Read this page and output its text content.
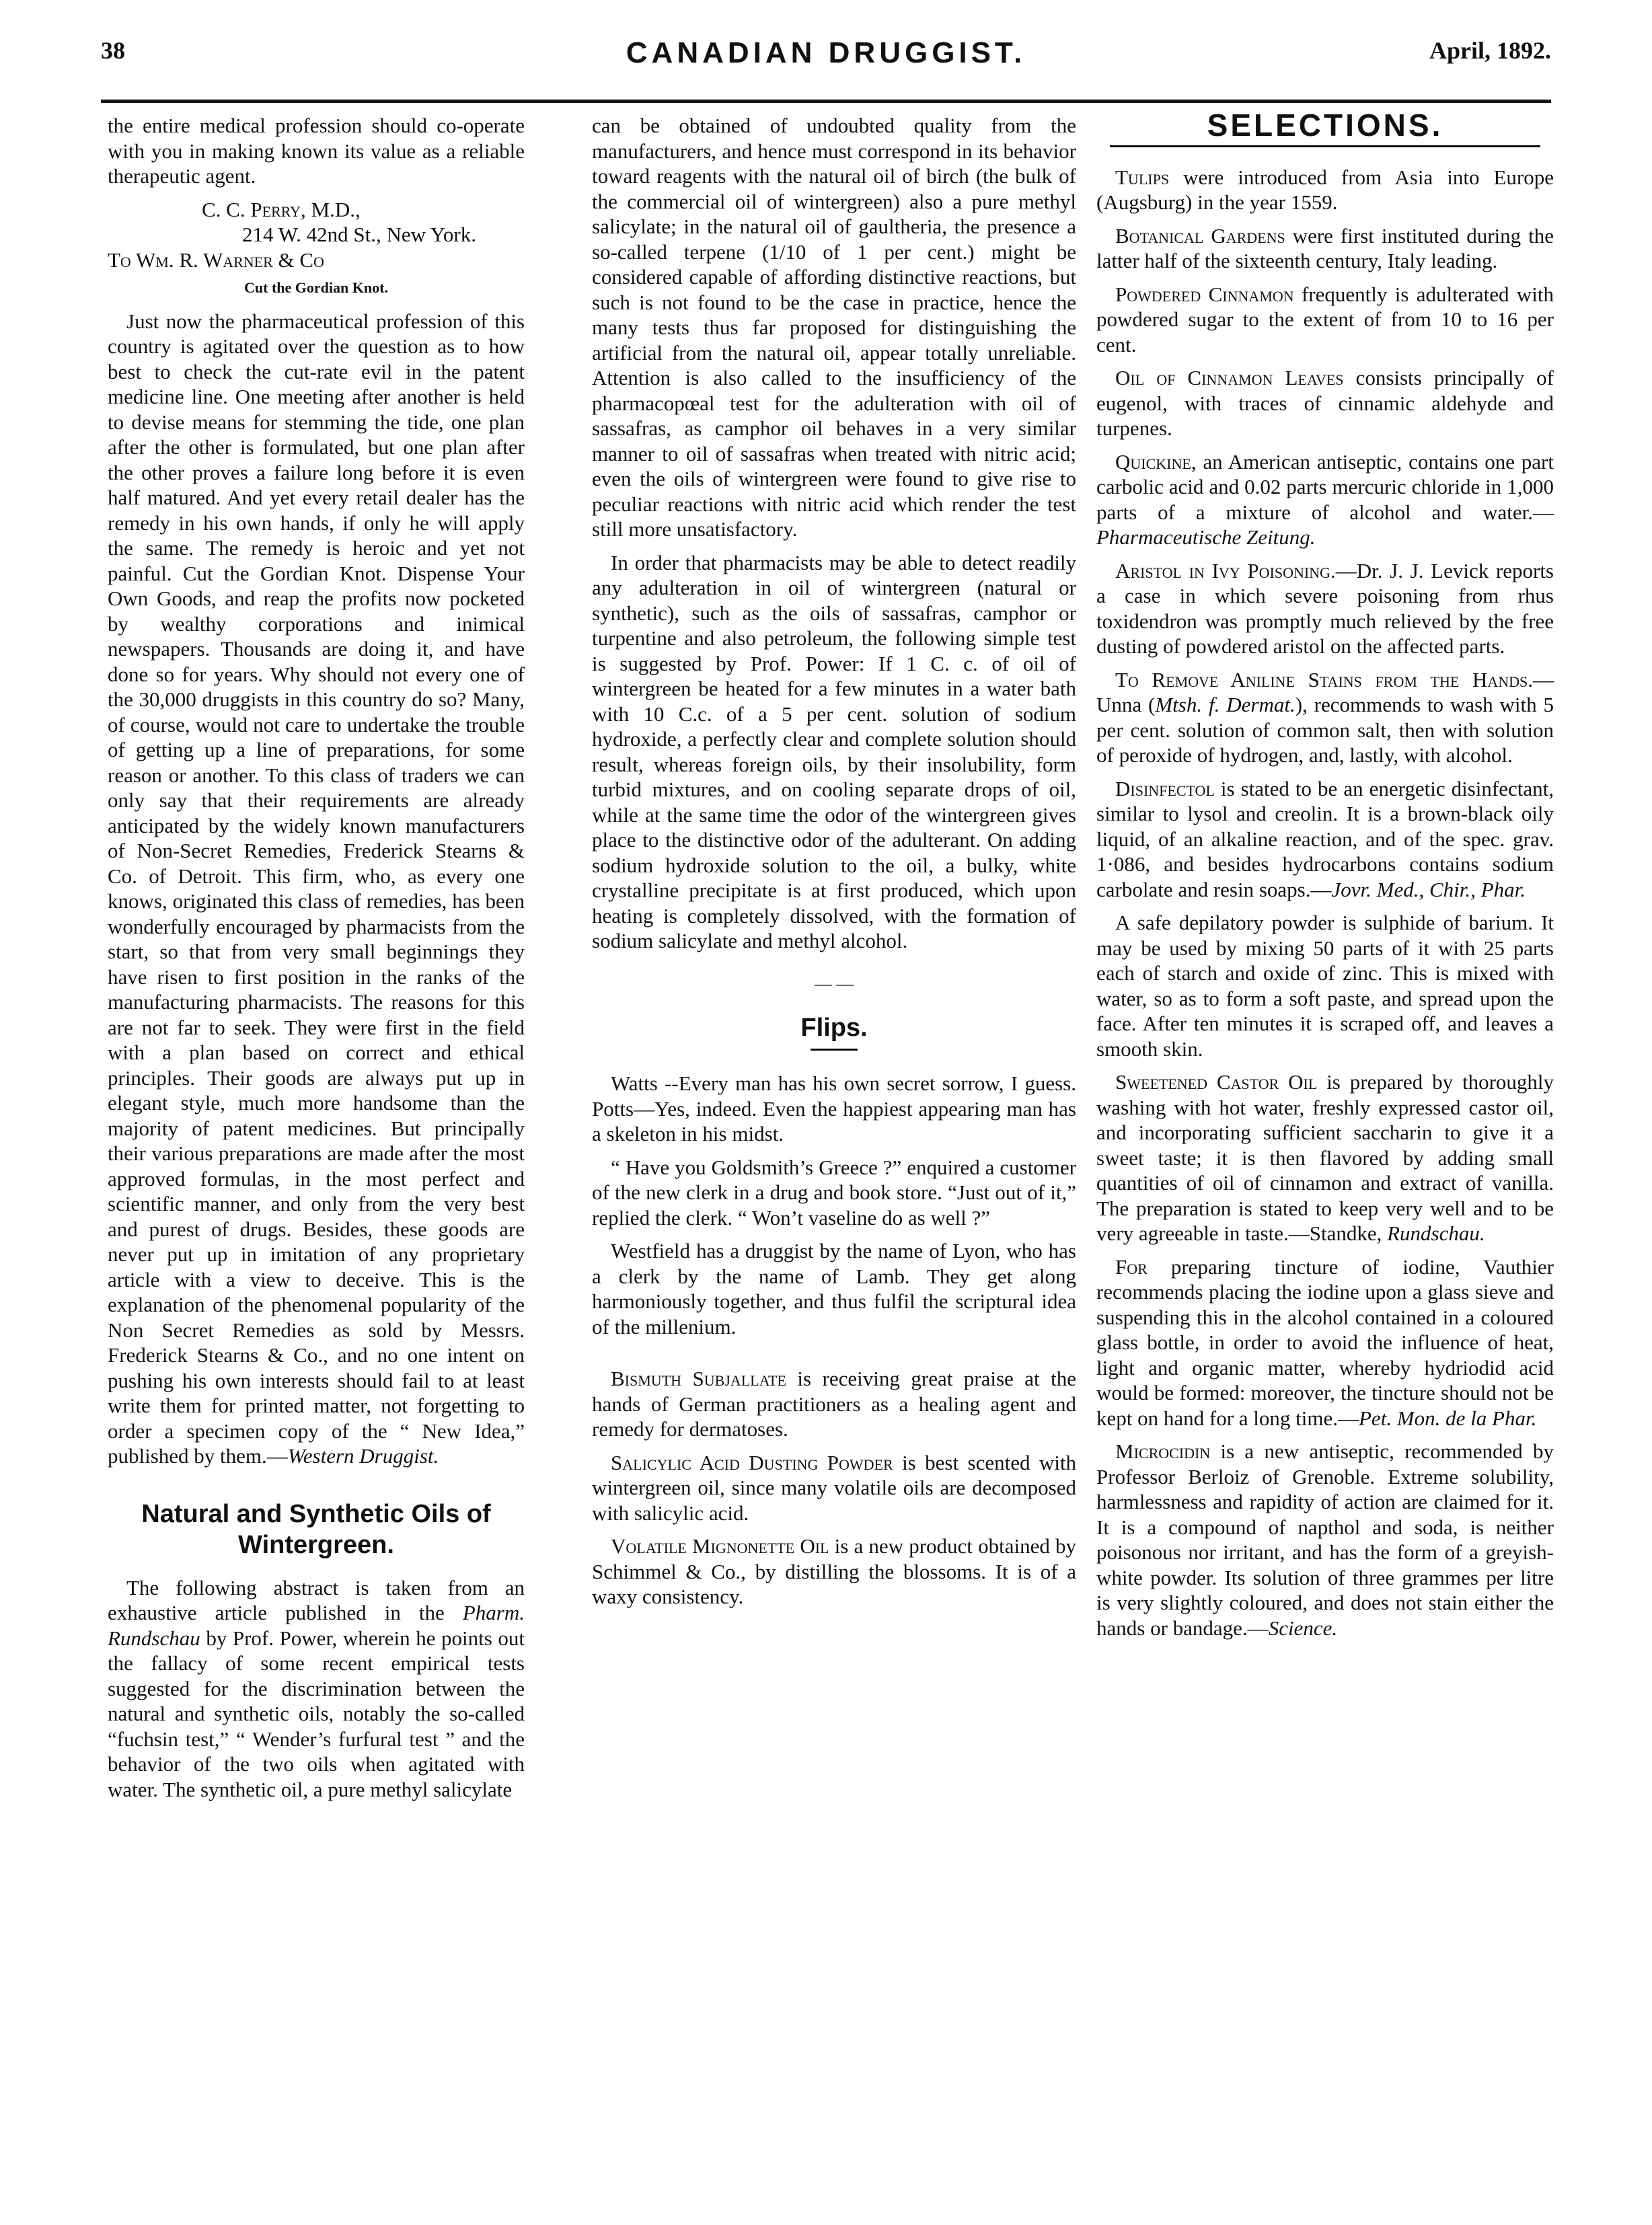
38	CANADIAN DRUGGIST.	April, 1892.

the entire medical profession should co-operate with you in making known its value as a reliable therapeutic agent.

C. C. Perry, M.D.,

214 W. 42nd St., New York.

To Wm. R. Warner & Co

Cut the Gordian Knot.

Just now the pharmaceutical profession of this country is agitated over the question as to how best to check the cut-rate evil in the patent medicine line. One meeting after another is held to devise means for stemming the tide, one plan after the other is formulated, but one plan after the other proves a failure long before it is even half matured. And yet every retail dealer has the remedy in his own hands, if only he will apply the same. The remedy is heroic and yet not painful. Cut the Gordian Knot. Dispense Your Own Goods, and reap the profits now pocketed by wealthy corporations and inimical newspapers. Thousands are doing it, and have done so for years. Why should not every one of the 30,000 druggists in this country do so? Many, of course, would not care to undertake the trouble of getting up a line of preparations, for some reason or another. To this class of traders we can only say that their requirements are already anticipated by the widely known manufacturers of Non-Secret Remedies, Frederick Stearns & Co. of Detroit. This firm, who, as every one knows, originated this class of remedies, has been wonderfully encouraged by pharmacists from the start, so that from very small beginnings they have risen to first position in the ranks of the manufacturing pharmacists. The reasons for this are not far to seek. They were first in the field with a plan based on correct and ethical principles. Their goods are always put up in elegant style, much more handsome than the majority of patent medicines. But principally their various preparations are made after the most approved formulas, in the most perfect and scientific manner, and only from the very best and purest of drugs. Besides, these goods are never put up in imitation of any proprietary article with a view to deceive. This is the explanation of the phenomenal popularity of the Non Secret Remedies as sold by Messrs. Frederick Stearns & Co., and no one intent on pushing his own interests should fail to at least write them for printed matter, not forgetting to order a specimen copy of the “ New Idea,” published by them.—Western Druggist.

Natural and Synthetic Oils of Wintergreen.

The following abstract is taken from an exhaustive article published in the Pharm. Rundschau by Prof. Power, wherein he points out the fallacy of some recent empirical tests suggested for the discrimination between the natural and synthetic oils, notably the so-called “fuchsin test,” “ Wender’s furfural test ” and the behavior of the two oils when agitated with water. The synthetic oil, a pure methyl salicylate

can be obtained of undoubted quality from the manufacturers, and hence must correspond in its behavior toward reagents with the natural oil of birch (the bulk of the commercial oil of wintergreen) also a pure methyl salicylate; in the natural oil of gaultheria, the presence a so-called terpene (1/10 of 1 per cent.) might be considered capable of affording distinctive reactions, but such is not found to be the case in practice, hence the many tests thus far proposed for distinguishing the artificial from the natural oil, appear totally unreliable. Attention is also called to the insufficiency of the pharmacopœal test for the adulteration with oil of sassafras, as camphor oil behaves in a very similar manner to oil of sassafras when treated with nitric acid; even the oils of wintergreen were found to give rise to peculiar reactions with nitric acid which render the test still more unsatisfactory.

In order that pharmacists may be able to detect readily any adulteration in oil of wintergreen (natural or synthetic), such as the oils of sassafras, camphor or turpentine and also petroleum, the following simple test is suggested by Prof. Power: If 1 C. c. of oil of wintergreen be heated for a few minutes in a water bath with 10 C.c. of a 5 per cent. solution of sodium hydroxide, a perfectly clear and complete solution should result, whereas foreign oils, by their insolubility, form turbid mixtures, and on cooling separate drops of oil, while at the same time the odor of the wintergreen gives place to the distinctive odor of the adulterant. On adding sodium hydroxide solution to the oil, a bulky, white crystalline precipitate is at first produced, which upon heating is completely dissolved, with the formation of sodium salicylate and methyl alcohol.

— —
Flips.

Watts --Every man has his own secret sorrow, I guess. Potts—Yes, indeed. Even the happiest appearing man has a skeleton in his midst.

“ Have you Goldsmith’s Greece ?” enquired a customer of the new clerk in a drug and book store. “Just out of it,” replied the clerk. “ Won’t vaseline do as well ?”

Westfield has a druggist by the name of Lyon, who has a clerk by the name of Lamb. They get along harmoniously together, and thus fulfil the scriptural idea of the millenium.

Bismuth Subjallate is receiving great praise at the hands of German practitioners as a healing agent and remedy for dermatoses.

Salicylic Acid Dusting Powder is best scented with wintergreen oil, since many volatile oils are decomposed with salicylic acid.

Volatile Mignonette Oil is a new product obtained by Schimmel & Co., by distilling the blossoms. It is of a waxy consistency.

SELECTIONS.

Tulips were introduced from Asia into Europe (Augsburg) in the year 1559.

Botanical Gardens were first instituted during the latter half of the sixteenth century, Italy leading.

Powdered Cinnamon frequently is adulterated with powdered sugar to the extent of from 10 to 16 per cent.

Oil of Cinnamon Leaves consists principally of eugenol, with traces of cinnamic aldehyde and turpenes.

Quickine, an American antiseptic, contains one part carbolic acid and 0.02 parts mercuric chloride in 1,000 parts of a mixture of alcohol and water.—Pharmaceutische Zeitung.

Aristol in Ivy Poisoning.—Dr. J. J. Levick reports a case in which severe poisoning from rhus toxidendron was promptly much relieved by the free dusting of powdered aristol on the affected parts.

To Remove Aniline Stains from the Hands.— Unna (Mtsh. f. Dermat.), recommends to wash with 5 per cent. solution of common salt, then with solution of peroxide of hydrogen, and, lastly, with alcohol.

Disinfectol is stated to be an energetic disinfectant, similar to lysol and creolin. It is a brown-black oily liquid, of an alkaline reaction, and of the spec. grav. 1·086, and besides hydrocarbons contains sodium carbolate and resin soaps.—Jovr. Med., Chir., Phar.

A safe depilatory powder is sulphide of barium. It may be used by mixing 50 parts of it with 25 parts each of starch and oxide of zinc. This is mixed with water, so as to form a soft paste, and spread upon the face. After ten minutes it is scraped off, and leaves a smooth skin.

Sweetened Castor Oil is prepared by thoroughly washing with hot water, freshly expressed castor oil, and incorporating sufficient saccharin to give it a sweet taste; it is then flavored by adding small quantities of oil of cinnamon and extract of vanilla. The preparation is stated to keep very well and to be very agreeable in taste.—Standke, Rundschau.

For preparing tincture of iodine, Vauthier recommends placing the iodine upon a glass sieve and suspending this in the alcohol contained in a coloured glass bottle, in order to avoid the influence of heat, light and organic matter, whereby hydriodid acid would be formed: moreover, the tincture should not be kept on hand for a long time.—Pet. Mon. de la Phar.

Microcidin is a new antiseptic, recommended by Professor Berloiz of Grenoble. Extreme solubility, harmlessness and rapidity of action are claimed for it. It is a compound of napthol and soda, is neither poisonous nor irritant, and has the form of a greyish-white powder. Its solution of three grammes per litre is very slightly coloured, and does not stain either the hands or bandage.—Science.
